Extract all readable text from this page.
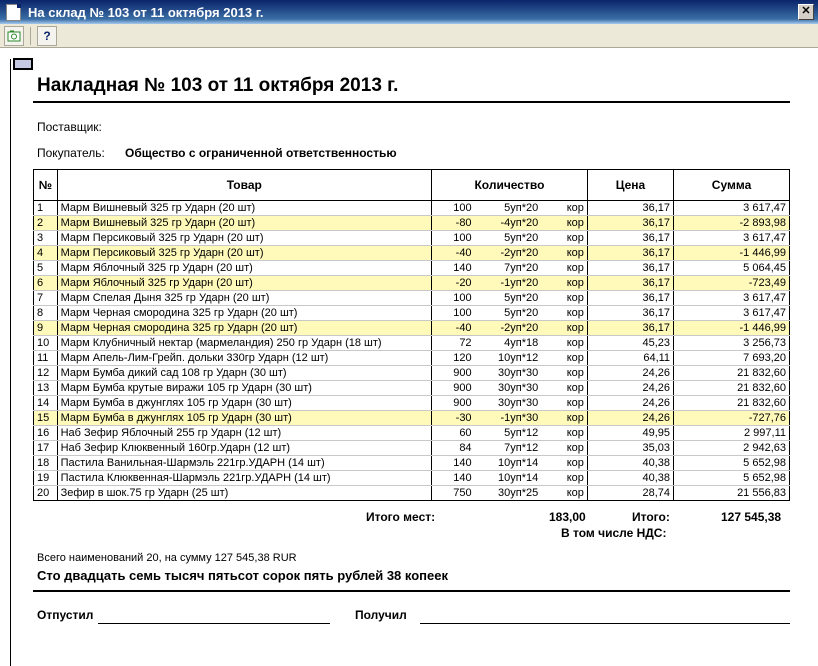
На склад № 103 от 11 октября 2013 г.	✕
?
Накладная № 103 от 11 октября 2013 г.
Поставщик:
Покупатель: Общество с ограниченной ответственностью
№	Товар	Количество			Цена	Сумма
1	Марм Вишневый 325 гр Ударн (20 шт)	100	5уп*20	кор	36,17	3 617,47
2	Марм Вишневый 325 гр Ударн (20 шт)	-80	-4уп*20	кор	36,17	-2 893,98
3	Марм Персиковый 325 гр Ударн (20 шт)	100	5уп*20	кор	36,17	3 617,47
4	Марм Персиковый 325 гр Ударн (20 шт)	-40	-2уп*20	кор	36,17	-1 446,99
5	Марм Яблочный 325 гр Ударн (20 шт)	140	7уп*20	кор	36,17	5 064,45
6	Марм Яблочный 325 гр Ударн (20 шт)	-20	-1уп*20	кор	36,17	-723,49
7	Марм Спелая Дыня 325 гр Ударн (20 шт)	100	5уп*20	кор	36,17	3 617,47
8	Марм Черная смородина 325 гр Ударн (20 шт)	100	5уп*20	кор	36,17	3 617,47
9	Марм Черная смородина 325 гр Ударн (20 шт)	-40	-2уп*20	кор	36,17	-1 446,99
10	Марм Клубничный нектар (мармеландия) 250 гр Ударн (18 шт)	72	4уп*18	кор	45,23	3 256,73
11	Марм Апель-Лим-Грейп. дольки 330гр Ударн (12 шт)	120	10уп*12	кор	64,11	7 693,20
12	Марм Бумба дикий сад 108 гр Ударн (30 шт)	900	30уп*30	кор	24,26	21 832,60
13	Марм Бумба крутые виражи 105 гр Ударн (30 шт)	900	30уп*30	кор	24,26	21 832,60
14	Марм Бумба в джунглях 105 гр Ударн (30 шт)	900	30уп*30	кор	24,26	21 832,60
15	Марм Бумба в джунглях 105 гр Ударн (30 шт)	-30	-1уп*30	кор	24,26	-727,76
16	Наб Зефир Яблочный 255 гр Ударн (12 шт)	60	5уп*12	кор	49,95	2 997,11
17	Наб Зефир Клюквенный 160гр.Ударн (12 шт)	84	7уп*12	кор	35,03	2 942,63
18	Пастила Ванильная-Шармэль 221гр.УДАРН (14 шт)	140	10уп*14	кор	40,38	5 652,98
19	Пастила Клюквенная-Шармэль 221гр.УДАРН (14 шт)	140	10уп*14	кор	40,38	5 652,98
20	Зефир в шок.75 гр Ударн (25 шт)	750	30уп*25	кор	28,74	21 556,83
Итого мест:	183,00	Итого:	127 545,38
В том числе НДС:
Всего наименований 20, на сумму 127 545,38 RUR
Сто двадцать семь тысяч пятьсот сорок пять рублей 38 копеек
Отпустил	Получил
